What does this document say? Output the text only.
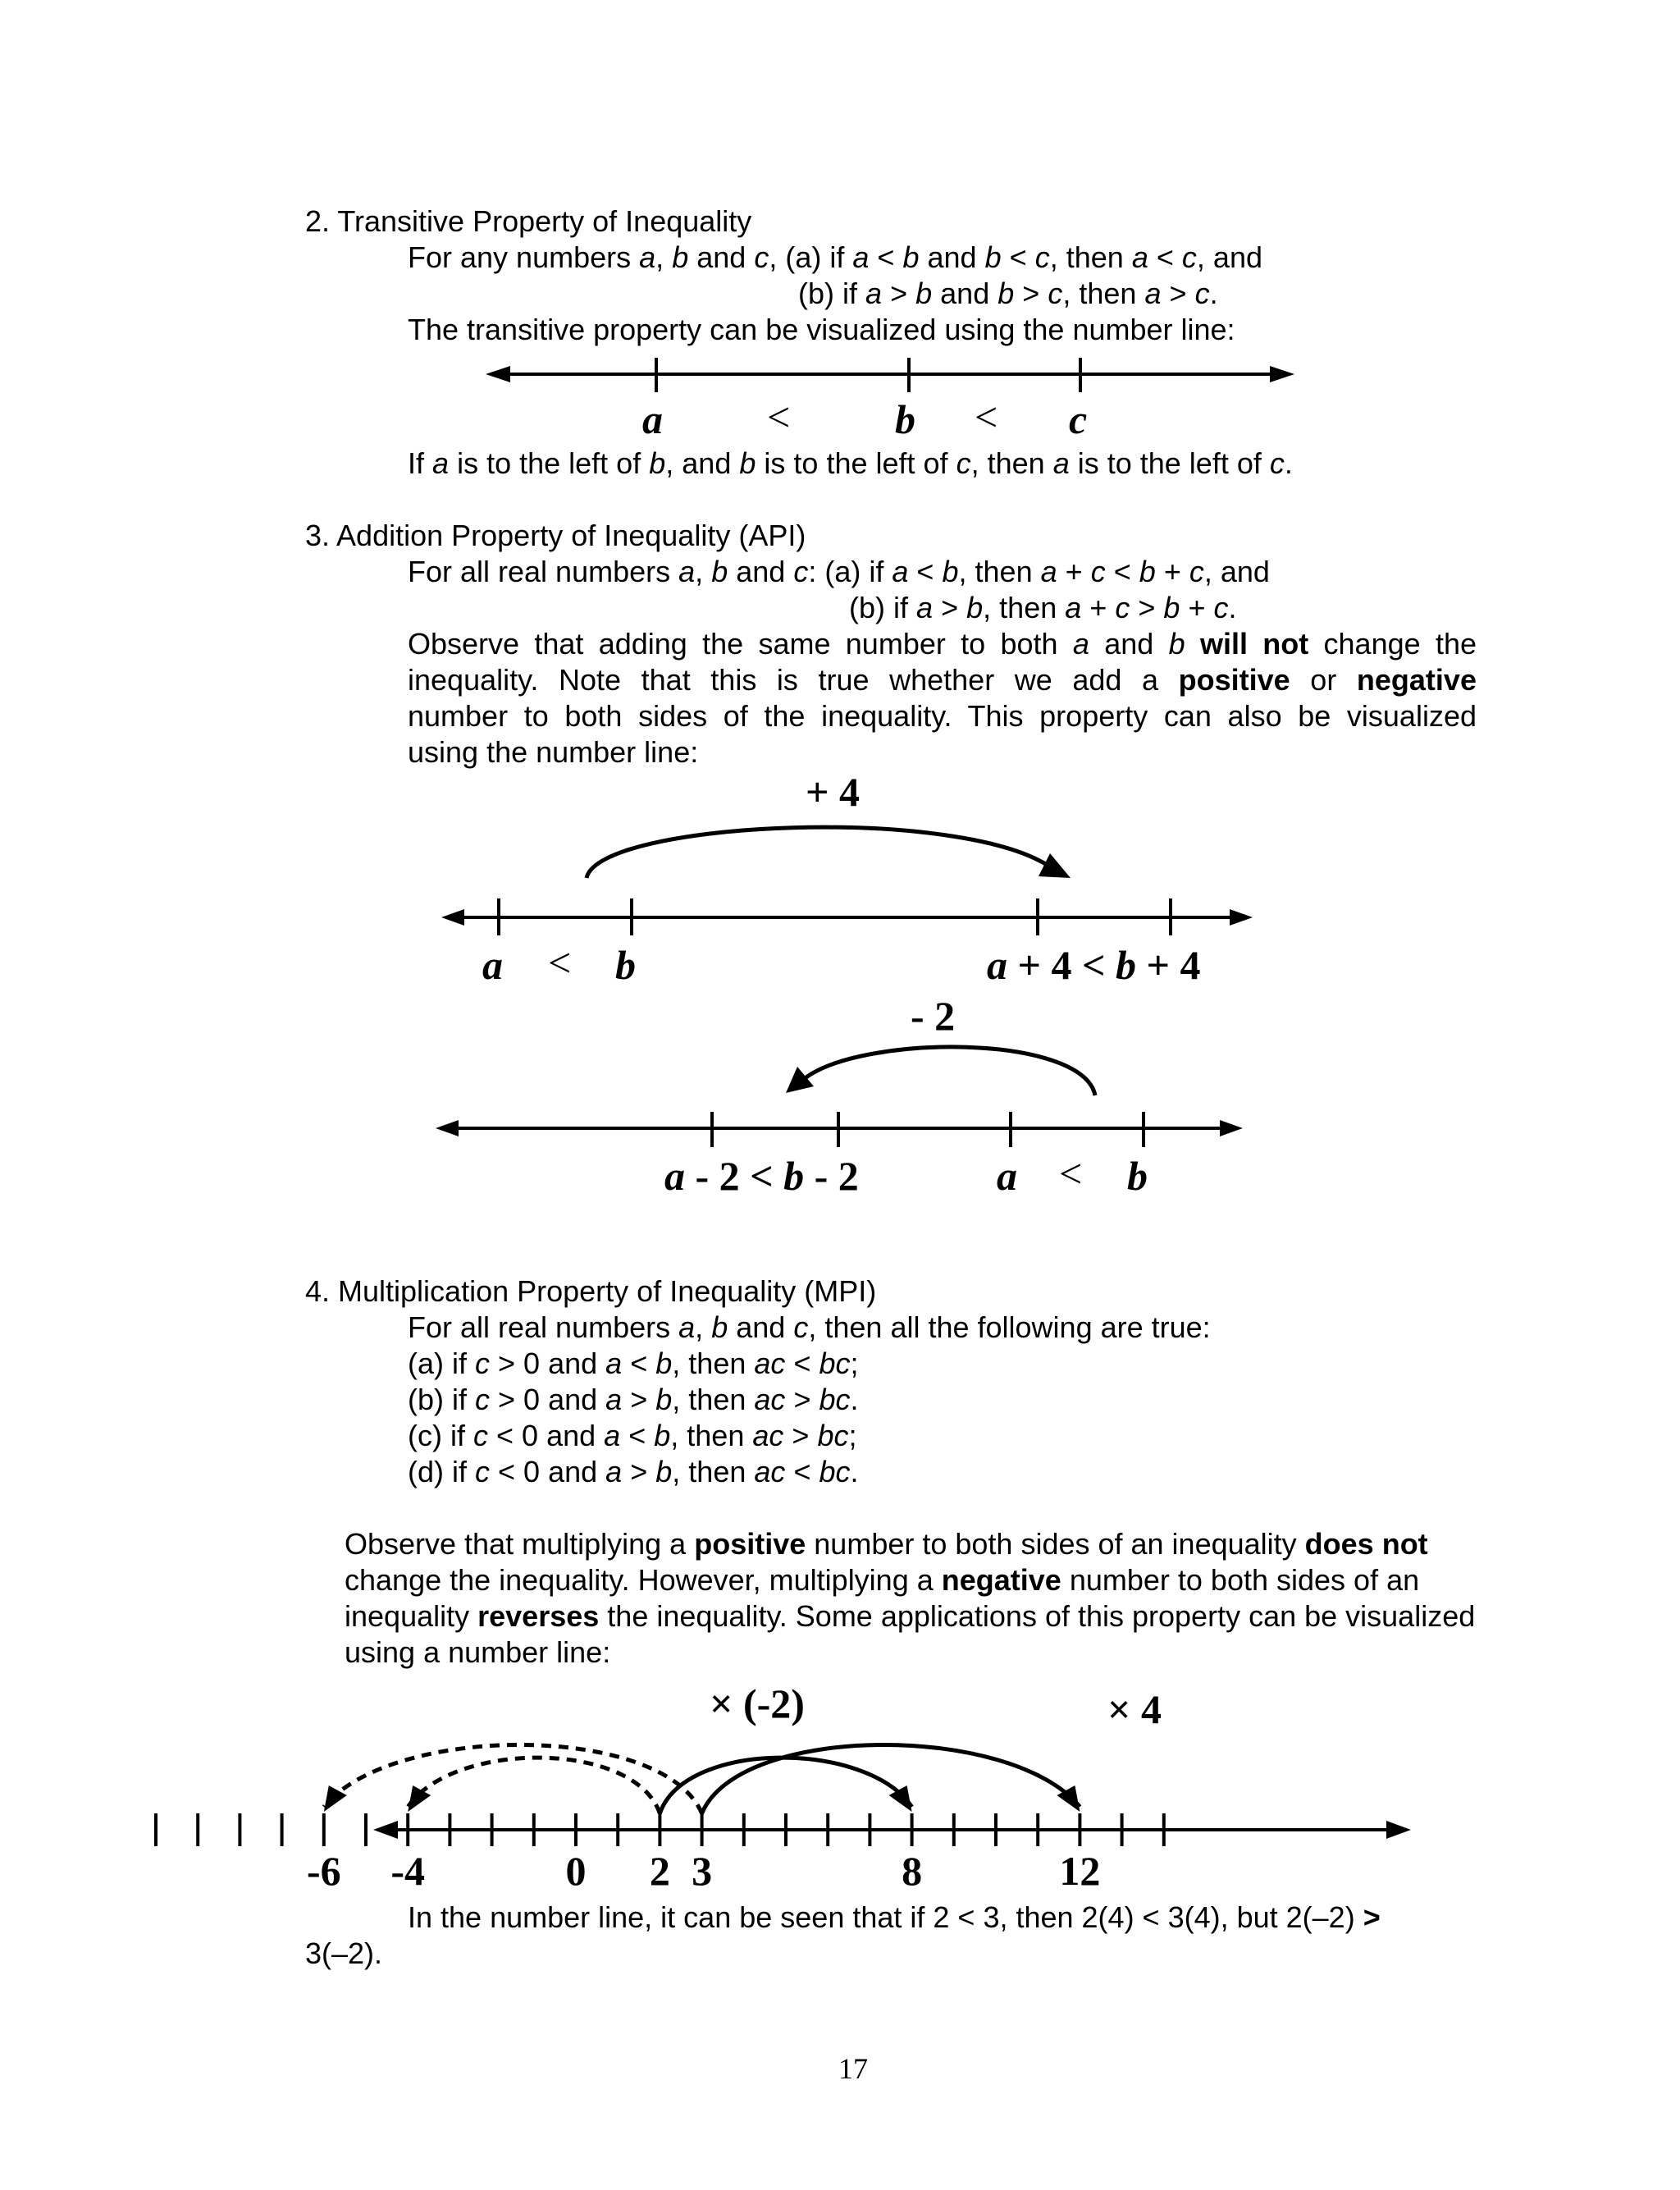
2. Transitive Property of Inequality
For any numbers a, b and c, (a) if a < b and b < c, then a < c, and
(b) if a > b and b > c, then a > c.
The transitive property can be visualized using the number line:
a	<	b < c
If a is to the left of b, and b is to the left of c, then a is to the left of c.
3. Addition Property of Inequality (API)
For all real numbers a, b and c: (a) if a < b, then a + c < b + c, and
(b) if a > b, then a + c > b + c.
Observe that adding the same number to both a and b will not change the
inequality. Note that this is true whether we add a positive or negative
number to both sides of the inequality. This property can also be visualized
using the number line:
+ 4
a < b	a + 4 < b + 4
- 2
a - 2 < b - 2	a < b
4. Multiplication Property of Inequality (MPI)
For all real numbers a, b and c, then all the following are true:
(a) if c > 0 and a < b, then ac < bc;
(b) if c > 0 and a > b, then ac > bc.
(c) if c < 0 and a < b, then ac > bc;
(d) if c < 0 and a > b, then ac < bc.
Observe that multiplying a positive number to both sides of an inequality does not change the inequality. However, multiplying a negative number to both sides of an inequality reverses the inequality. Some applications of this property can be visualized using a number line:
× (-2)	× 4
-6	-4	0	2 3	8	12
In the number line, it can be seen that if 2 < 3, then 2(4) < 3(4), but 2(–2) >
3(–2).
17
